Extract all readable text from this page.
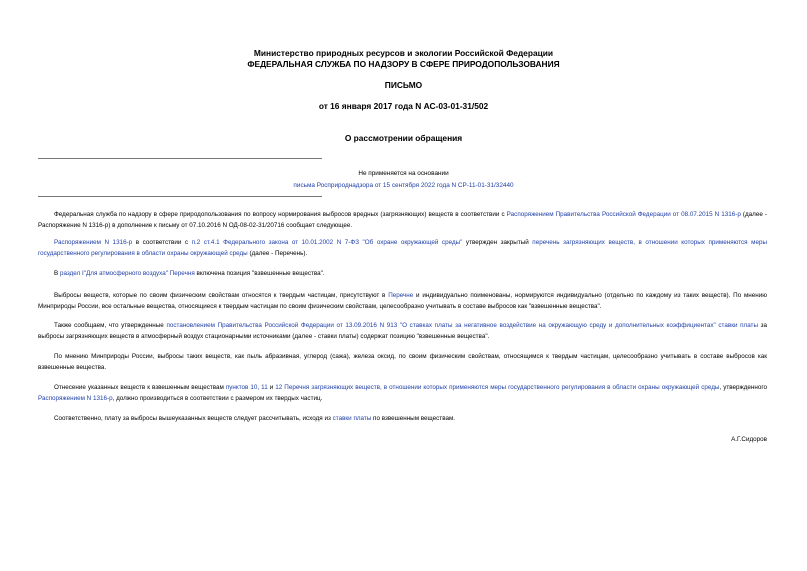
Министерство природных ресурсов и экологии Российской Федерации
ФЕДЕРАЛЬНАЯ СЛУЖБА ПО НАДЗОРУ В СФЕРЕ ПРИРОДОПОЛЬЗОВАНИЯ
ПИСЬМО
от 16 января 2017 года N АС-03-01-31/502
О рассмотрении обращения
Не применяется на основании
письма Росприроднадзора от 15 сентября 2022 года N СР-11-01-31/32440
Федеральная служба по надзору в сфере природопользования по вопросу нормирования выбросов вредных (загрязняющих) веществ в соответствии с Распоряжением Правительства Российской Федерации от 08.07.2015 N 1316-р (далее - Распоряжение N 1316-р) в дополнение к письму от 07.10.2016 N ОД-08-02-31/20716 сообщает следующее.
Распоряжением N 1316-р в соответствии с п.2 ст.4.1 Федерального закона от 10.01.2002 N 7-ФЗ "Об охране окружающей среды" утвержден закрытый перечень загрязняющих веществ, в отношении которых применяются меры государственного регулирования в области охраны окружающей среды (далее - Перечень).
В раздел I"Для атмосферного воздуха" Перечня включена позиция "взвешенные вещества".
Выбросы веществ, которые по своим физическим свойствам относятся к твердым частицам, присутствуют в Перечне и индивидуально поименованы, нормируются индивидуально (отдельно по каждому из таких веществ). По мнению Минприроды России, все остальные вещества, относящиеся к твердым частицам по своим физическим свойствам, целесообразно учитывать в составе выбросов как "взвешенные вещества".
Также сообщаем, что утвержденные постановлением Правительства Российской Федерации от 13.09.2016 N 913 "О ставках платы за негативное воздействие на окружающую среду и дополнительных коэффициентах" ставки платы за выбросы загрязняющих веществ в атмосферный воздух стационарными источниками (далее - ставки платы) содержат позицию "взвешенные вещества".
По мнению Минприроды России, выбросы таких веществ, как пыль абразивная, углерод (сажа), железа оксид, по своим физическим свойствам, относящимся к твердым частицам, целесообразно учитывать в составе выбросов как взвешенные вещества.
Отнесение указанных веществ к взвешенным веществам пунктов 10, 11 и 12 Перечня загрязняющих веществ, в отношении которых применяются меры государственного регулирования в области охраны окружающей среды, утвержденного Распоряжением N 1316-р, должно производиться в соответствии с размером их твердых частиц.
Соответственно, плату за выбросы вышеуказанных веществ следует рассчитывать, исходя из ставки платы по взвешенным веществам.
А.Г.Сидоров
